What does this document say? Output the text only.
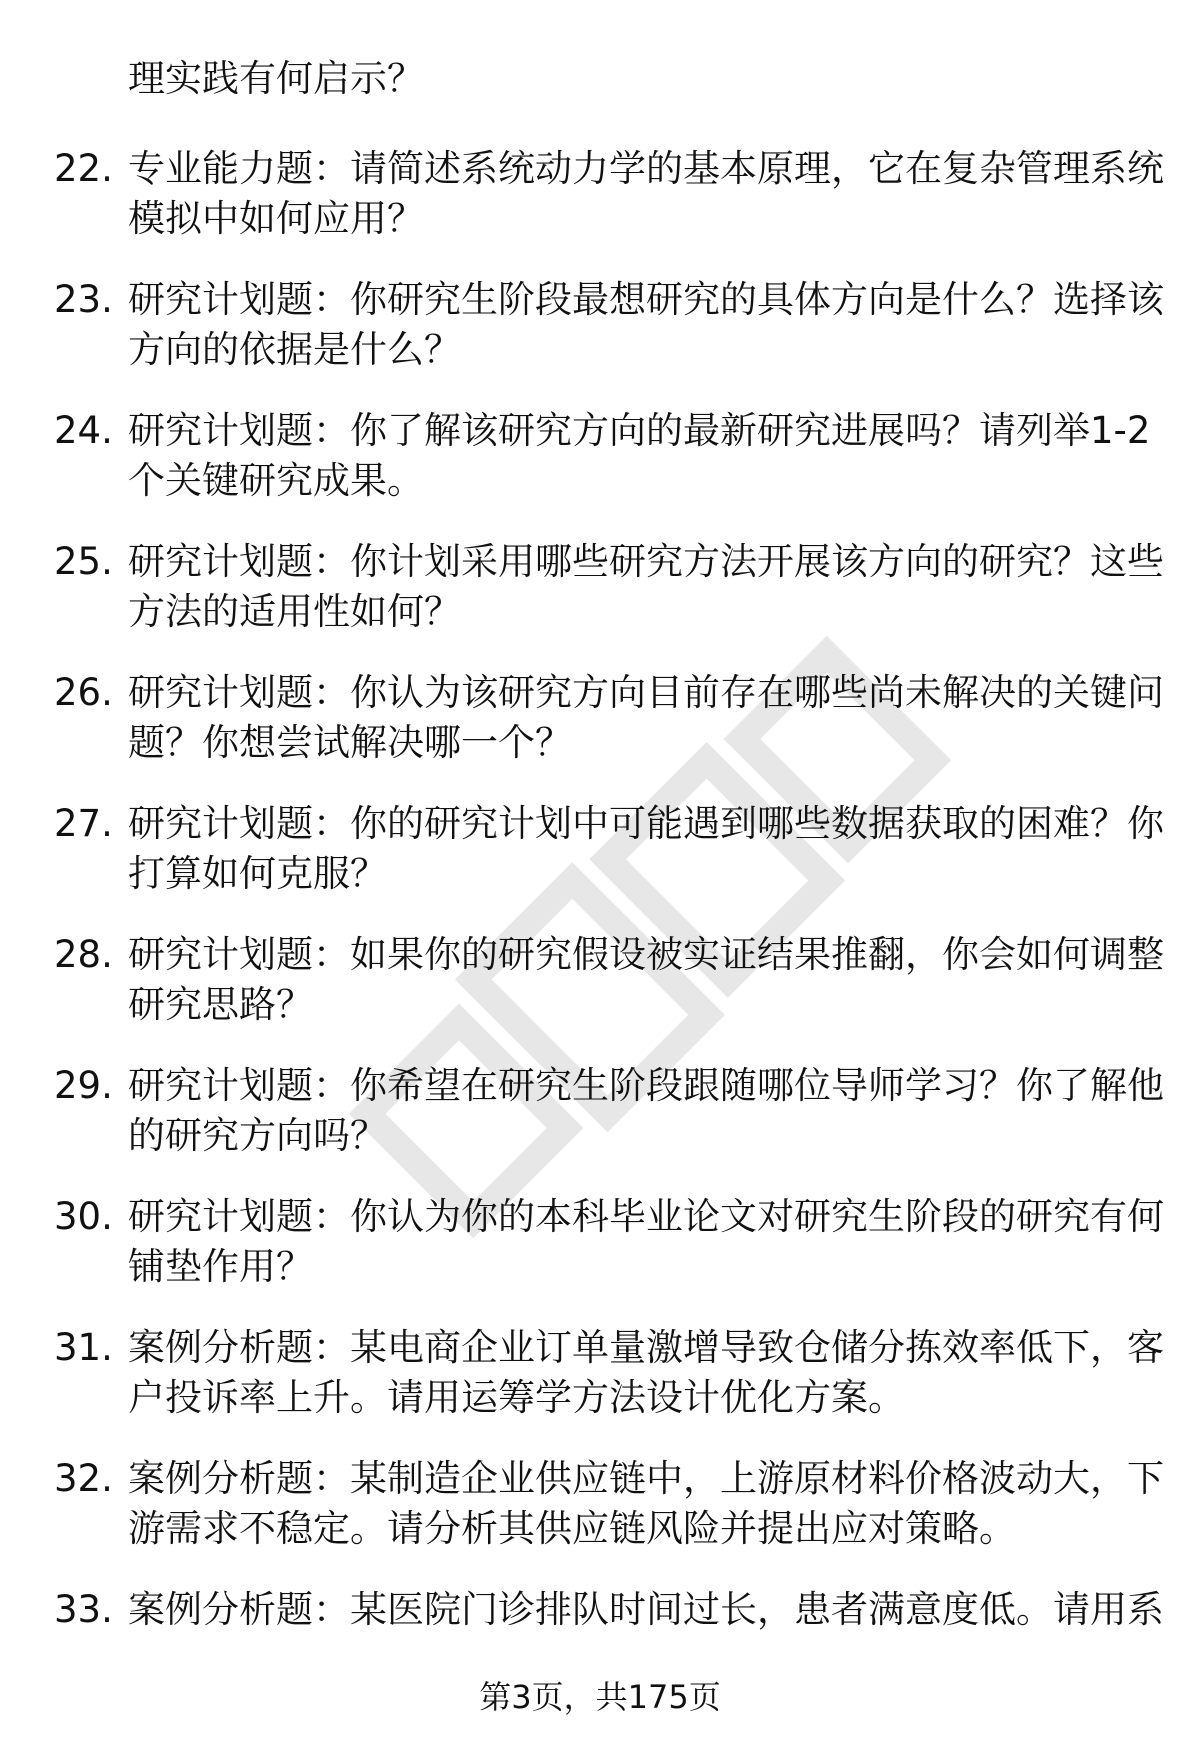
理实践有何启示？
22. 专业能力题：请简述系统动力学的基本原理，它在复杂管理系统
模拟中如何应用？
23. 研究计划题：你研究生阶段最想研究的具体方向是什么？选择该
方向的依据是什么？
24. 研究计划题：你了解该研究方向的最新研究进展吗？请列举1-2
个关键研究成果。
25. 研究计划题：你计划采用哪些研究方法开展该方向的研究？这些
方法的适用性如何？
26. 研究计划题：你认为该研究方向目前存在哪些尚未解决的关键问
题？你想尝试解决哪一个？
27. 研究计划题：你的研究计划中可能遇到哪些数据获取的困难？你
打算如何克服？
28. 研究计划题：如果你的研究假设被实证结果推翻，你会如何调整
研究思路？
29. 研究计划题：你希望在研究生阶段跟随哪位导师学习？你了解他
的研究方向吗？
30. 研究计划题：你认为你的本科毕业论文对研究生阶段的研究有何
铺垫作用？
31. 案例分析题：某电商企业订单量激增导致仓储分拣效率低下，客
户投诉率上升。请用运筹学方法设计优化方案。
32. 案例分析题：某制造企业供应链中，上游原材料价格波动大，下
游需求不稳定。请分析其供应链风险并提出应对策略。
33. 案例分析题：某医院门诊排队时间过长，患者满意度低。请用系
第3页，共175页
